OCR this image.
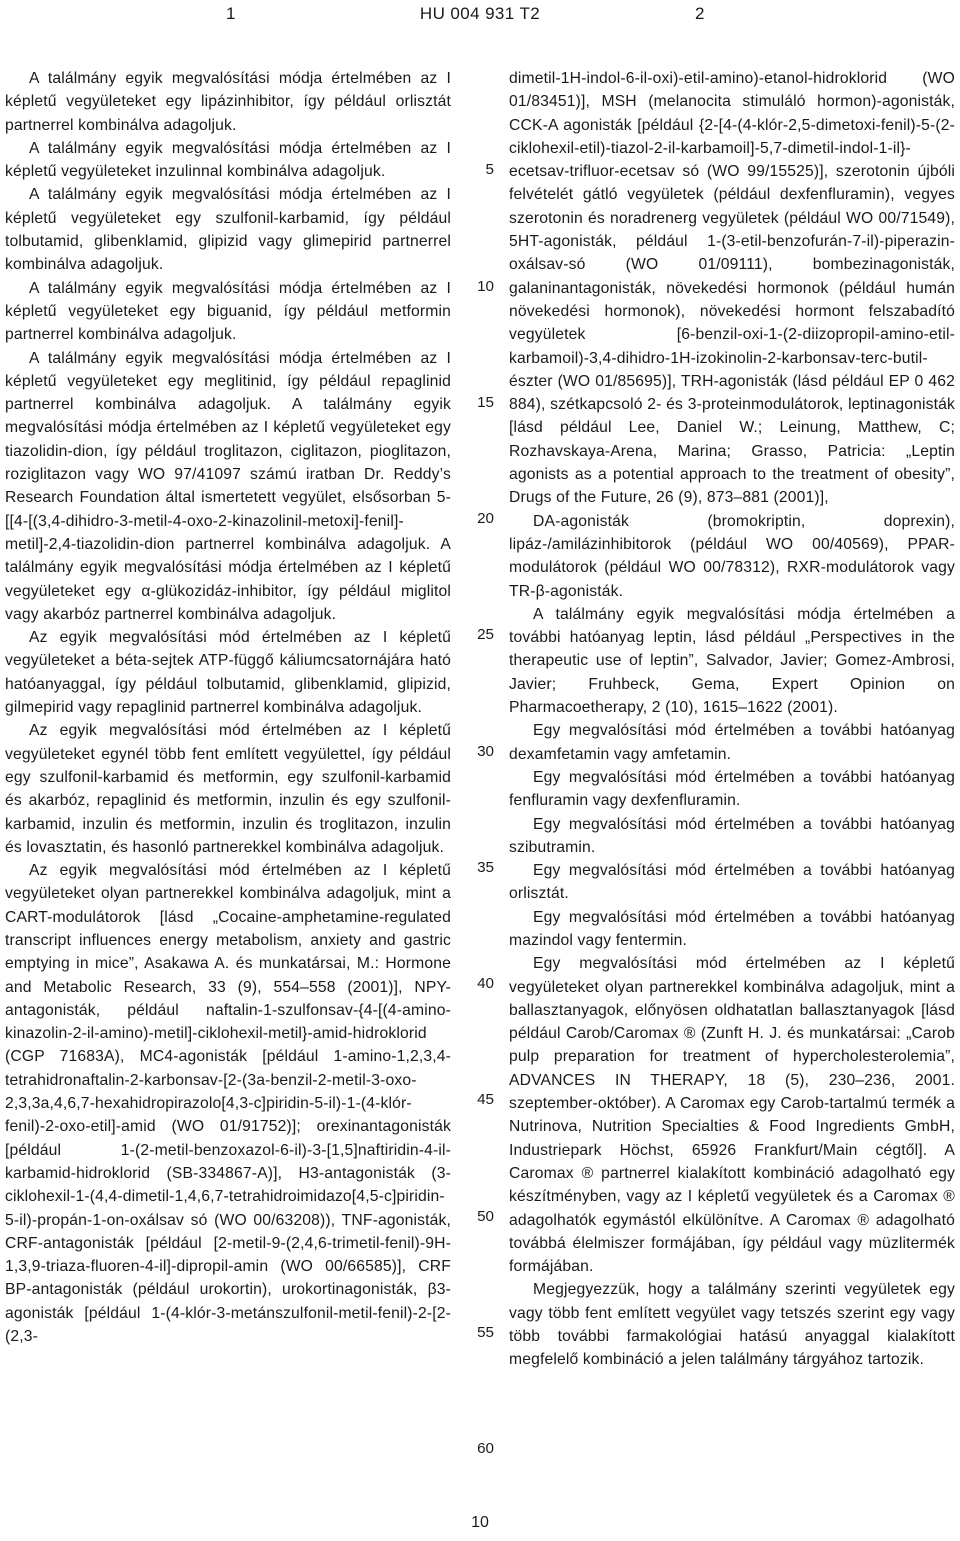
1	HU 004 931 T2	2

A találmány egyik megvalósítási módja értelmében az I képletű vegyületeket egy lipázinhibitor, így például orlisztát partnerrel kombinálva adagoljuk.

A találmány egyik megvalósítási módja értelmében az I képletű vegyületeket inzulinnal kombinálva adagoljuk.

A találmány egyik megvalósítási módja értelmében az I képletű vegyületeket egy szulfonil-karbamid, így például tolbutamid, glibenklamid, glipizid vagy glimepirid partnerrel kombinálva adagoljuk.

A találmány egyik megvalósítási módja értelmében az I képletű vegyületeket egy biguanid, így például metformin partnerrel kombinálva adagoljuk.

A találmány egyik megvalósítási módja értelmében az I képletű vegyületeket egy meglitinid, így például repaglinid partnerrel kombinálva adagoljuk. A találmány egyik megvalósítási módja értelmében az I képletű vegyületeket egy tiazolidin-dion, így például troglitazon, ciglitazon, pioglitazon, roziglitazon vagy WO 97/41097 számú iratban Dr. Reddy’s Research Foundation által ismertetett vegyület, elsősorban 5-[[4-[(3,4-dihidro-3-metil-4-oxo-2-kinazolinil-metoxi]-fenil]-metil]-2,4-tiazolidin-dion partnerrel kombinálva adagoljuk. A találmány egyik megvalósítási módja értelmében az I képletű vegyületeket egy α-glükozidáz-inhibitor, így például miglitol vagy akarbóz partnerrel kombinálva adagoljuk.

Az egyik megvalósítási mód értelmében az I képletű vegyületeket a béta-sejtek ATP-függő káliumcsatornájára ható hatóanyaggal, így például tolbutamid, glibenklamid, glipizid, gilmepirid vagy repaglinid partnerrel kombinálva adagoljuk.

Az egyik megvalósítási mód értelmében az I képletű vegyületeket egynél több fent említett vegyülettel, így például egy szulfonil-karbamid és metformin, egy szulfonil-karbamid és akarbóz, repaglinid és metformin, inzulin és egy szulfonil-karbamid, inzulin és metformin, inzulin és troglitazon, inzulin és lovasztatin, és hasonló partnerekkel kombinálva adagoljuk.

Az egyik megvalósítási mód értelmében az I képletű vegyületeket olyan partnerekkel kombinálva adagoljuk, mint a CART-modulátorok [lásd „Cocaine-amphetamine-regulated transcript influences energy metabolism, anxiety and gastric emptying in mice”, Asakawa A. és munkatársai, M.: Hormone and Metabolic Research, 33 (9), 554–558 (2001)], NPY-antagonisták, például naftalin-1-szulfonsav-{4-[(4-amino-kinazolin-2-il-amino)-metil]-ciklohexil-metil}-amid-hidroklorid (CGP 71683A), MC4-agonisták [például 1-amino-1,2,3,4-tetrahidronaftalin-2-karbonsav-[2-(3a-benzil-2-metil-3-oxo-2,3,3a,4,6,7-hexahidropirazolo[4,3-c]piridin-5-il)-1-(4-klór-fenil)-2-oxo-etil]-amid (WO 01/91752)]; orexinantagonisták [például 1-(2-metil-benzoxazol-6-il)-3-[1,5]naftiridin-4-il-karbamid-hidroklorid (SB-334867-A)], H3-antagonisták (3-ciklohexil-1-(4,4-dimetil-1,4,6,7-tetrahidroimidazo[4,5-c]piridin-5-il)-propán-1-on-oxálsav só (WO 00/63208)), TNF-agonisták, CRF-antagonisták [például [2-metil-9-(2,4,6-trimetil-fenil)-9H-1,3,9-triaza-fluoren-4-il]-dipropil-amin (WO 00/66585)], CRF BP-antagonisták (például urokortin), urokortinagonisták, β3-agonisták [például 1-(4-klór-3-metánszulfonil-metil-fenil)-2-[2-(2,3-

5
10
15
20
25
30
35
40
45
50
55
60

dimetil-1H-indol-6-il-oxi)-etil-amino)-etanol-hidroklorid (WO 01/83451)], MSH (melanocita stimuláló hormon)-agonisták, CCK-A agonisták [például {2-[4-(4-klór-2,5-dimetoxi-fenil)-5-(2-ciklohexil-etil)-tiazol-2-il-karbamoil]-5,7-dimetil-indol-1-il}-ecetsav-trifluor-ecetsav só (WO 99/15525)], szerotonin újbóli felvételét gátló vegyületek (például dexfenfluramin), vegyes szerotonin és noradrenerg vegyületek (például WO 00/71549), 5HT-agonisták, például 1-(3-etil-benzofurán-7-il)-piperazin-oxálsav-só (WO 01/09111), bombezinagonisták, galaninantagonisták, növekedési hormonok (például humán növekedési hormonok), növekedési hormont felszabadító vegyületek [6-benzil-oxi-1-(2-diizopropil-amino-etil-karbamoil)-3,4-dihidro-1H-izokinolin-2-karbonsav-terc-butil-észter (WO 01/85695)], TRH-agonisták (lásd például EP 0 462 884), szétkapcsoló 2- és 3-proteinmodulátorok, leptinagonisták [lásd például Lee, Daniel W.; Leinung, Matthew, C; Rozhavskaya-Arena, Marina; Grasso, Patricia: „Leptin agonists as a potential approach to the treatment of obesity”, Drugs of the Future, 26 (9), 873–881 (2001)],

DA-agonisták (bromokriptin, doprexin), lipáz-/amilázinhibitorok (például WO 00/40569), PPAR-modulátorok (például WO 00/78312), RXR-modulátorok vagy TR-β-agonisták.

A találmány egyik megvalósítási módja értelmében a további hatóanyag leptin, lásd például „Perspectives in the therapeutic use of leptin”, Salvador, Javier; Gomez-Ambrosi, Javier; Fruhbeck, Gema, Expert Opinion on Pharmacoetherapy, 2 (10), 1615–1622 (2001).

Egy megvalósítási mód értelmében a további hatóanyag dexamfetamin vagy amfetamin.

Egy megvalósítási mód értelmében a további hatóanyag fenfluramin vagy dexfenfluramin.

Egy megvalósítási mód értelmében a további hatóanyag szibutramin.

Egy megvalósítási mód értelmében a további hatóanyag orlisztát.

Egy megvalósítási mód értelmében a további hatóanyag mazindol vagy fentermin.

Egy megvalósítási mód értelmében az I képletű vegyületeket olyan partnerekkel kombinálva adagoljuk, mint a ballasztanyagok, előnyösen oldhatatlan ballasztanyagok [lásd például Carob/Caromax ® (Zunft H. J. és munkatársai: „Carob pulp preparation for treatment of hypercholesterolemia”, ADVANCES IN THERAPY, 18 (5), 230–236, 2001. szeptember-október). A Caromax egy Carob-tartalmú termék a Nutrinova, Nutrition Specialties & Food Ingredients GmbH, Industriepark Höchst, 65926 Frankfurt/Main cégtől]. A Caromax ® partnerrel kialakított kombináció adagolható egy készítményben, vagy az I képletű vegyületek és a Caromax ® adagolhatók egymástól elkülönítve. A Caromax ® adagolható továbbá élelmiszer formájában, így például vagy müzlitermék formájában.

Megjegyezzük, hogy a találmány szerinti vegyületek egy vagy több fent említett vegyület vagy tetszés szerint egy vagy több további farmakológiai hatású anyaggal kialakított megfelelő kombináció a jelen találmány tárgyához tartozik.

10
